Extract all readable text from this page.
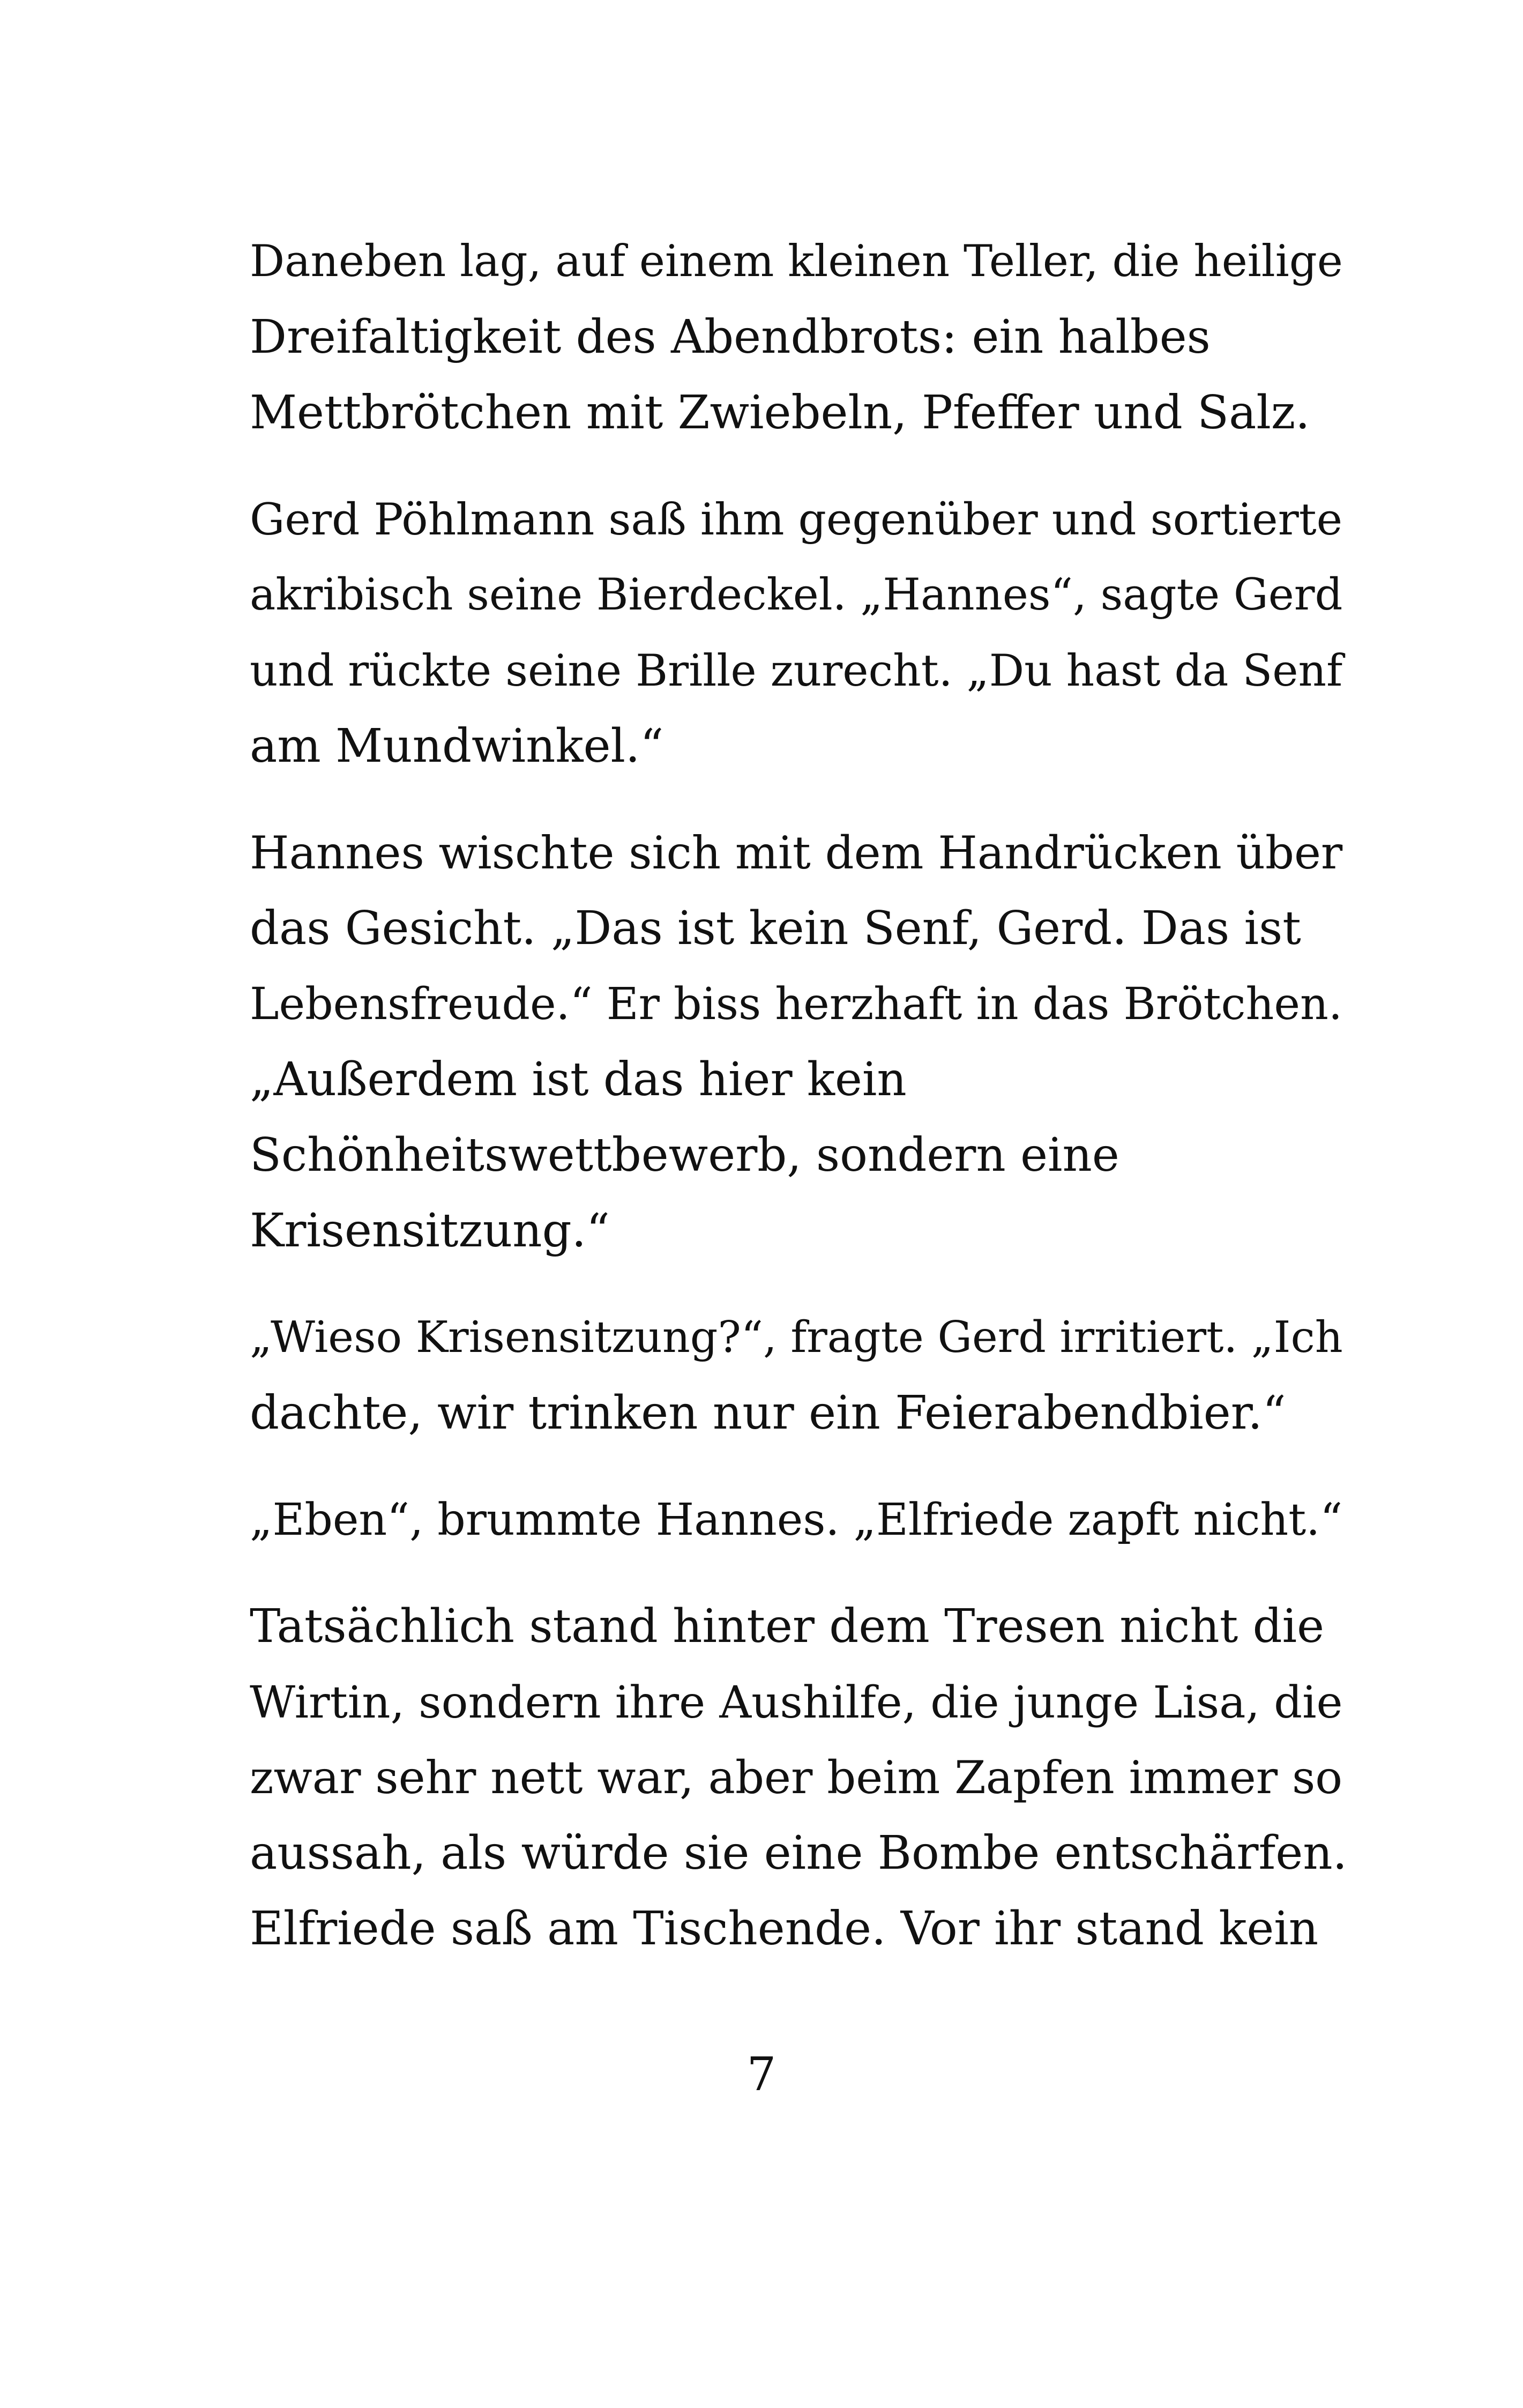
Daneben lag, auf einem kleinen Teller, die heilige
Dreifaltigkeit des Abendbrots: ein halbes
Mettbrötchen mit Zwiebeln, Pfeffer und Salz.

Gerd Pöhlmann saß ihm gegenüber und sortierte
akribisch seine Bierdeckel. „Hannes“, sagte Gerd
und rückte seine Brille zurecht. „Du hast da Senf
am Mundwinkel.“

Hannes wischte sich mit dem Handrücken über
das Gesicht. „Das ist kein Senf, Gerd. Das ist
Lebensfreude.“ Er biss herzhaft in das Brötchen.
„Außerdem ist das hier kein
Schönheitswettbewerb, sondern eine
Krisensitzung.“

„Wieso Krisensitzung?“, fragte Gerd irritiert. „Ich
dachte, wir trinken nur ein Feierabendbier.“

„Eben“, brummte Hannes. „Elfriede zapft nicht.“

Tatsächlich stand hinter dem Tresen nicht die
Wirtin, sondern ihre Aushilfe, die junge Lisa, die
zwar sehr nett war, aber beim Zapfen immer so
aussah, als würde sie eine Bombe entschärfen.
Elfriede saß am Tischende. Vor ihr stand kein

7
